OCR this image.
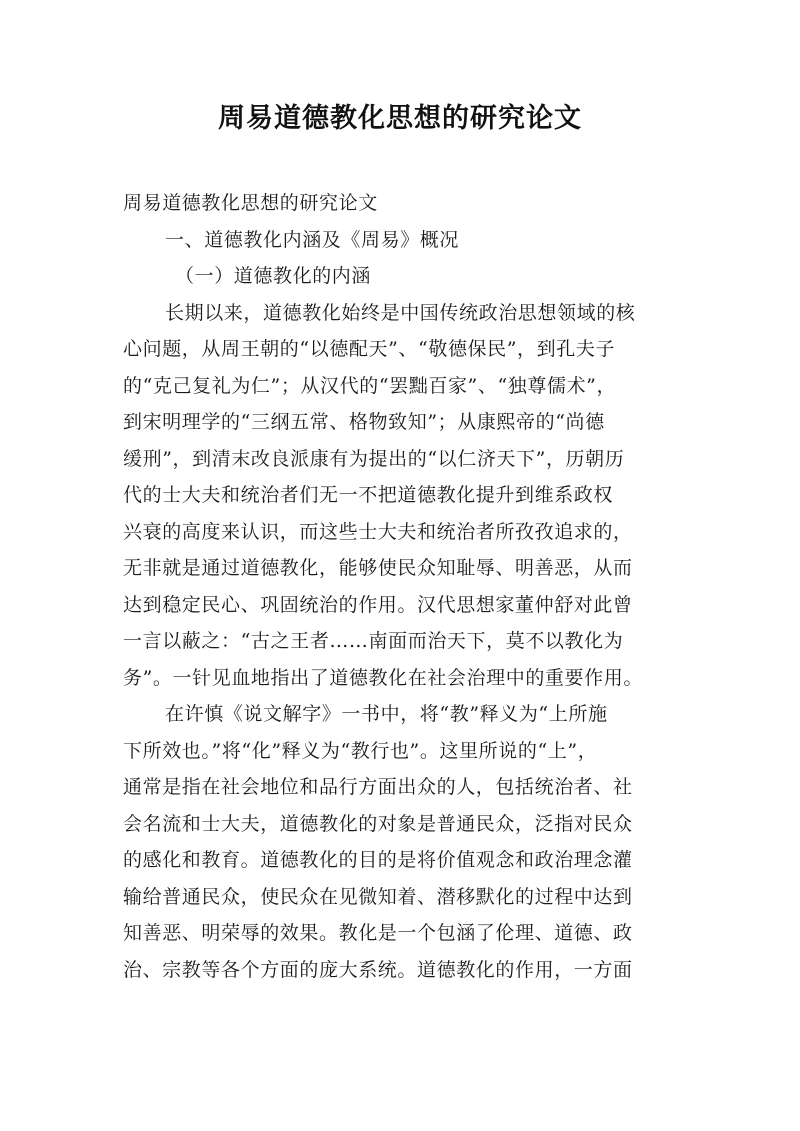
周易道德教化思想的研究论文
周易道德教化思想的研究论文
一、道德教化内涵及《周易》概况
（一）道德教化的内涵
长期以来，道德教化始终是中国传统政治思想领域的核
心问题，从周王朝的“以德配天”、“敬德保民”，到孔夫子
的“克己复礼为仁”；从汉代的“罢黜百家”、“独尊儒术”，
到宋明理学的“三纲五常、格物致知”；从康熙帝的“尚德
缓刑”，到清末改良派康有为提出的“以仁济天下”，历朝历
代的士大夫和统治者们无一不把道德教化提升到维系政权
兴衰的高度来认识，而这些士大夫和统治者所孜孜追求的，
无非就是通过道德教化，能够使民众知耻辱、明善恶，从而
达到稳定民心、巩固统治的作用。汉代思想家董仲舒对此曾
一言以蔽之：“古之王者……南面而治天下，莫不以教化为
务”。一针见血地指出了道德教化在社会治理中的重要作用。
在许慎《说文解字》一书中，将“教”释义为“上所施
下所效也。”将“化”释义为“教行也”。这里所说的“上”，
通常是指在社会地位和品行方面出众的人，包括统治者、社
会名流和士大夫，道德教化的对象是普通民众，泛指对民众
的感化和教育。道德教化的目的是将价值观念和政治理念灌
输给普通民众，使民众在见微知着、潜移默化的过程中达到
知善恶、明荣辱的效果。教化是一个包涵了伦理、道德、政
治、宗教等各个方面的庞大系统。道德教化的作用，一方面
